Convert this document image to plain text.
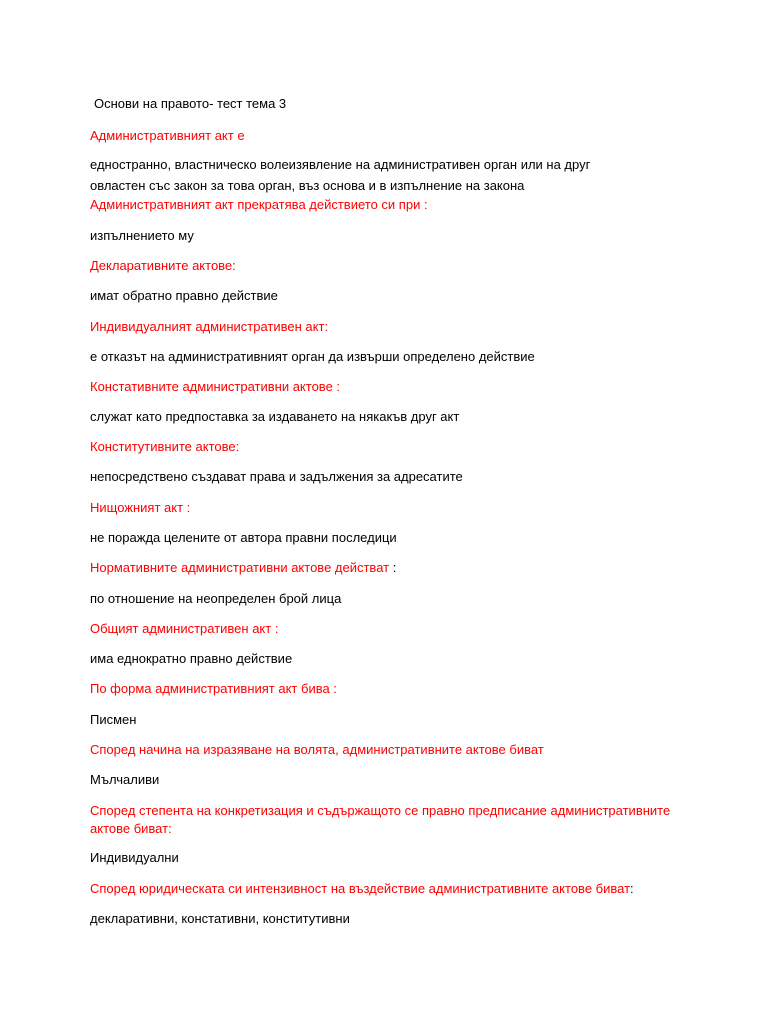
Основи на правото- тест тема 3

Административният акт е

едностранно, властническо волеизявление на административен орган или на друг

овластен със закон за това орган, въз основа и в изпълнение на закона

Административният акт прекратява действието си при :

изпълнението му

Декларативните актове:

имат обратно правно действие

Индивидуалният административен акт:

е отказът на административният орган да извърши определено действие

Констативните административни актове :

служат като предпоставка за издаването на някакъв друг акт

Конститутивните актове:

непосредствено създават права и задължения за адресатите

Нищожният акт :

не поражда целените от автора правни последици

Нормативните административни актове действат :

по отношение на неопределен брой лица

Общият административен акт :

има еднократно правно действие

По форма административният акт бива :

Писмен

Според начина на изразяване на волята, административните актове биват

Мълчаливи

Според степента на конкретизация и съдържащото се правно предписание административните

актове биват:

Индивидуални

Според юридическата си интензивност на въздействие административните актове биват:

декларативни, констативни, конститутивни
